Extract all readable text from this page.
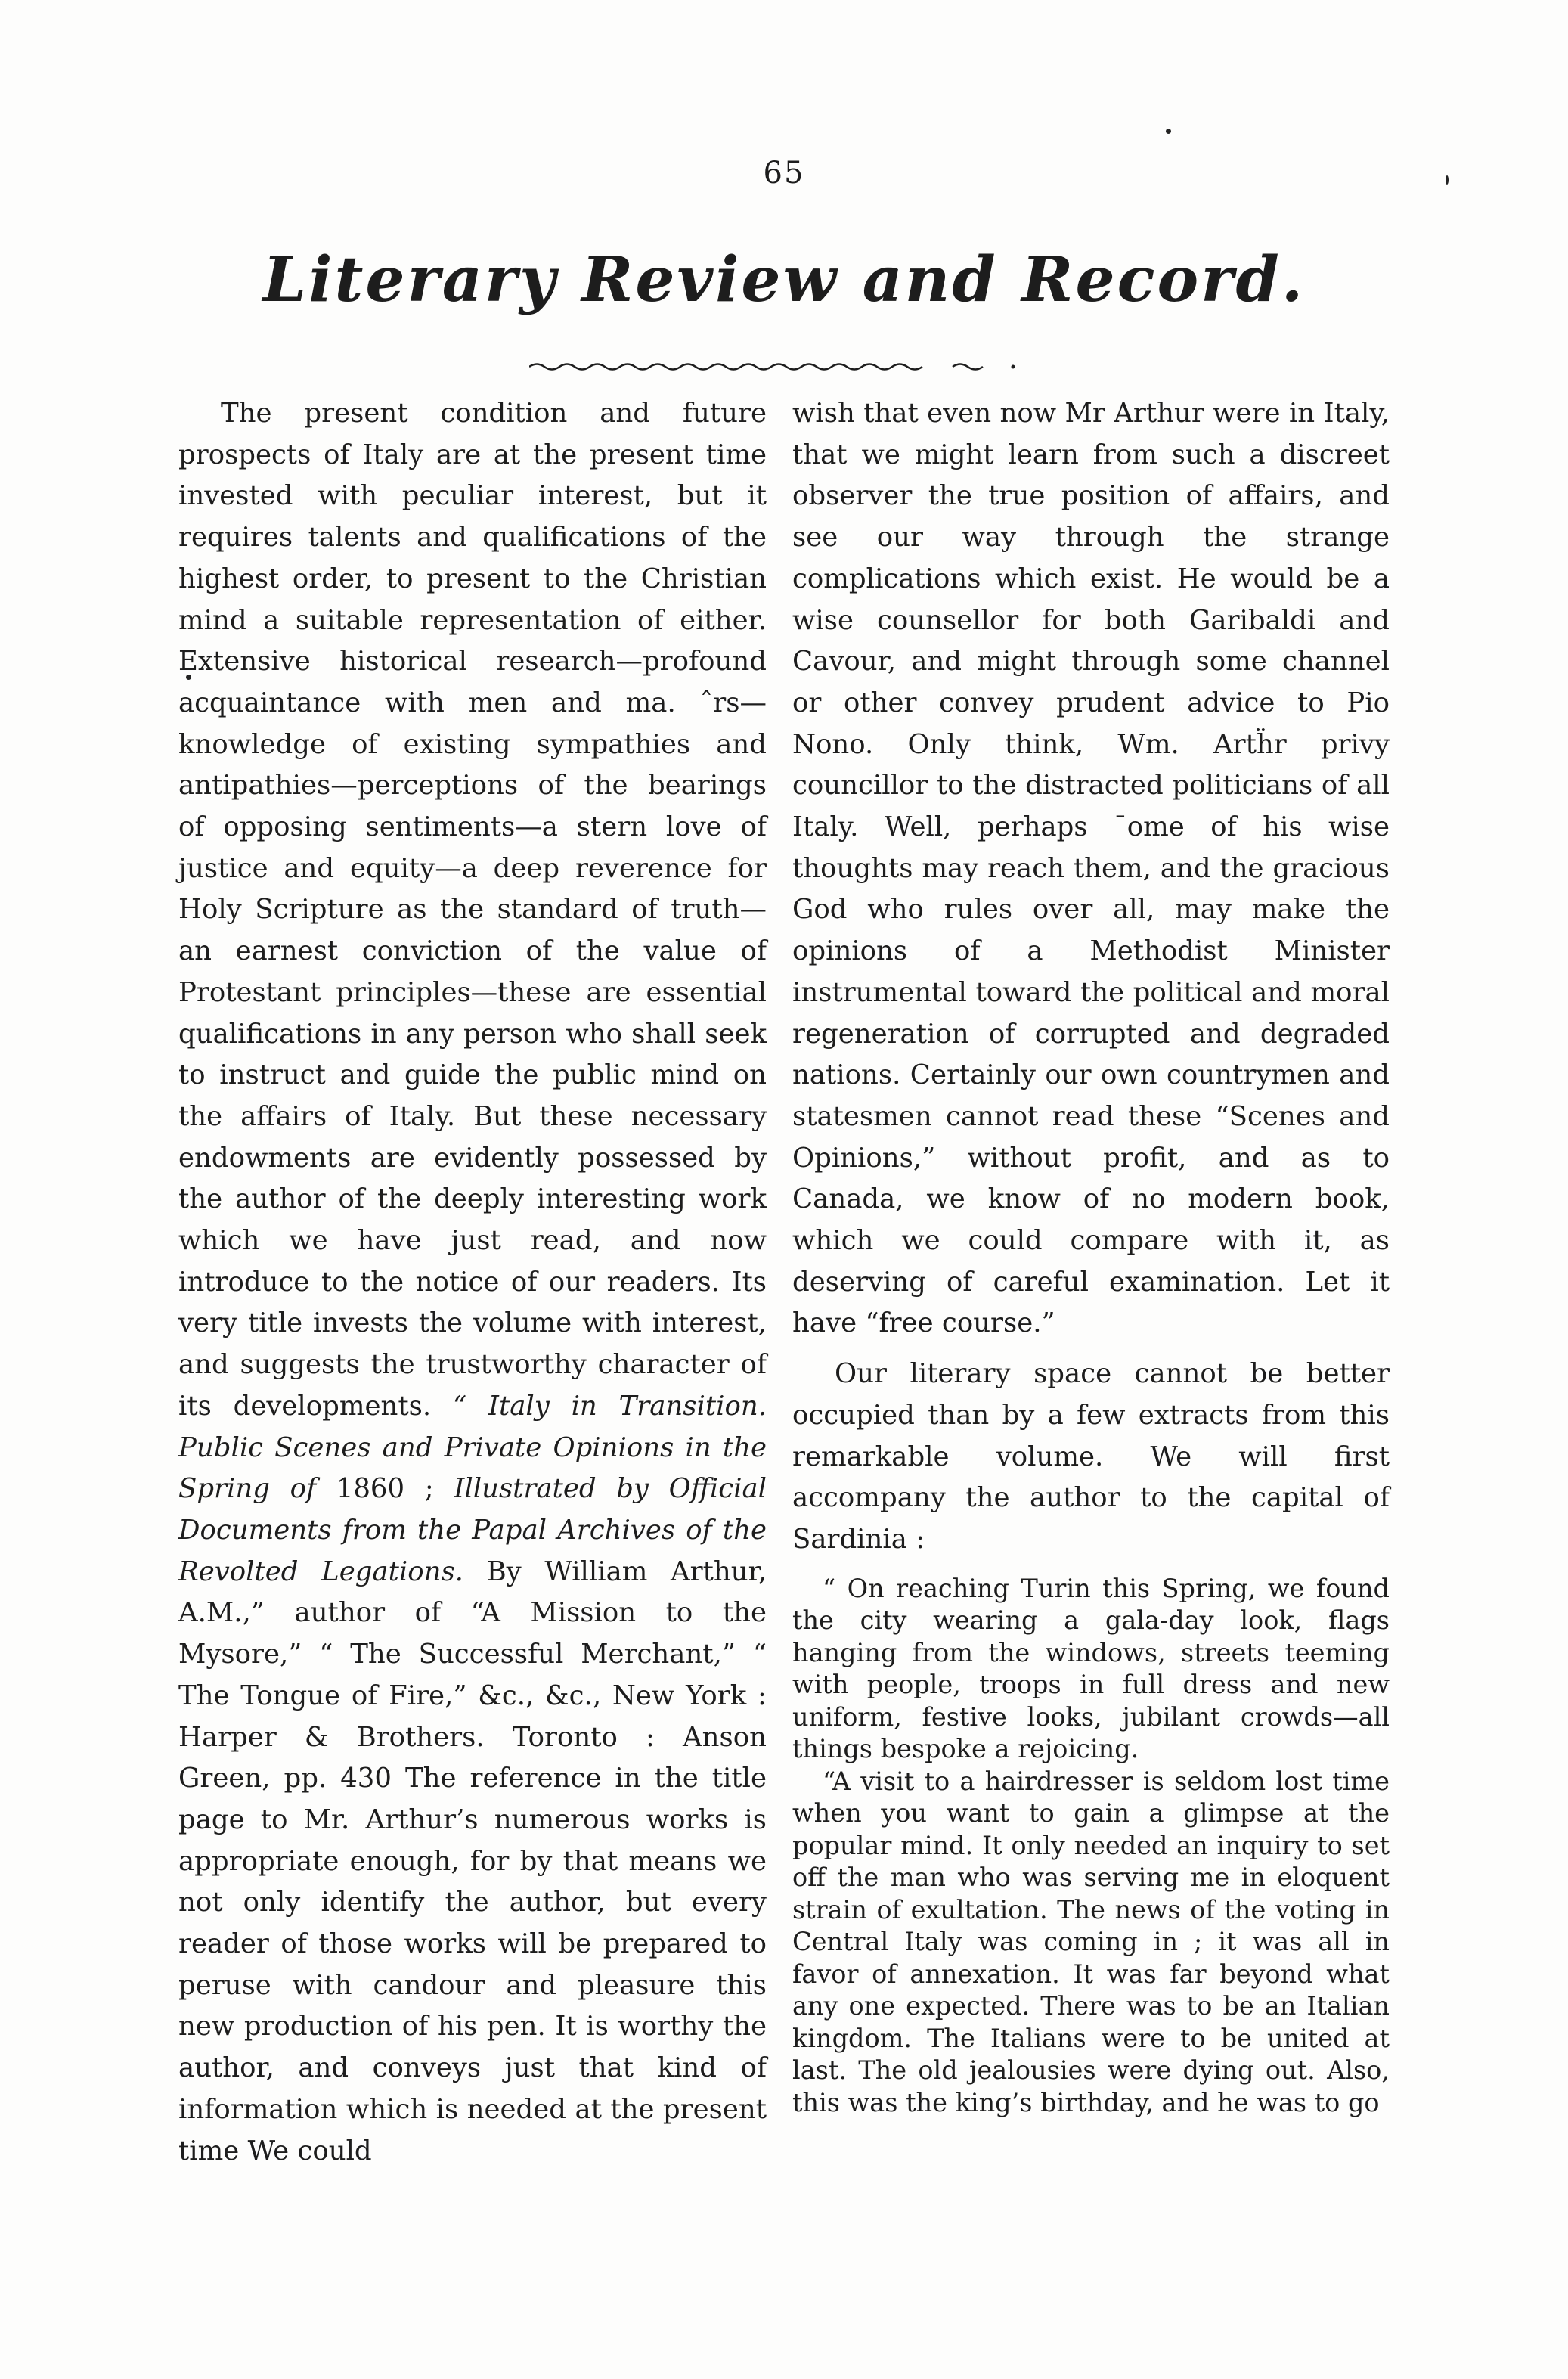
65
Literary Review and Record.

The present condition and future prospects of Italy are at the present time invested with peculiar interest, but it requires talents and qualifications of the highest order, to present to the Christian mind a suitable representation of either. Extensive historical research—profound acquaintance with men and ma. ˆrs—knowledge of existing sympathies and antipathies—perceptions of the bearings of opposing sentiments—a stern love of justice and equity—a deep reverence for Holy Scripture as the standard of truth—an earnest conviction of the value of Protestant principles—these are essential qualifications in any person who shall seek to instruct and guide the public mind on the affairs of Italy. But these necessary endowments are evidently possessed by the author of the deeply interesting work which we have just read, and now introduce to the notice of our readers. Its very title invests the volume with interest, and suggests the trustworthy character of its developments. “ Italy in Transition. Public Scenes and Private Opinions in the Spring of 1860 ; Illustrated by Official Documents from the Papal Archives of the Revolted Legations. By William Arthur, A.M.,” author of “A Mission to the Mysore,” “ The Successful Merchant,” “ The Tongue of Fire,” &c., &c., New York : Harper & Brothers. Toronto : Anson Green, pp. 430 The reference in the title page to Mr. Arthur’s numerous works is appropriate enough, for by that means we not only identify the author, but every reader of those works will be prepared to peruse with candour and pleasure this new production of his pen. It is worthy the author, and conveys just that kind of information which is needed at the present time We could

wish that even now Mr Arthur were in Italy, that we might learn from such a discreet observer the true position of affairs, and see our way through the strange complications which exist. He would be a wise counsellor for both Garibaldi and Cavour, and might through some channel or other convey prudent advice to Pio Nono. Only think, Wm. Artḧr privy councillor to the distracted politicians of all Italy. Well, perhaps ˉome of his wise thoughts may reach them, and the gracious God who rules over all, may make the opinions of a Methodist Minister instrumental toward the political and moral regeneration of corrupted and degraded nations. Certainly our own countrymen and statesmen cannot read these “Scenes and Opinions,” without profit, and as to Canada, we know of no modern book, which we could compare with it, as deserving of careful examination. Let it have “free course.”

Our literary space cannot be better occupied than by a few extracts from this remarkable volume. We will first accompany the author to the capital of Sardinia :

“ On reaching Turin this Spring, we found the city wearing a gala-day look, flags hanging from the windows, streets teeming with people, troops in full dress and new uniform, festive looks, jubilant crowds—all things bespoke a rejoicing.

“A visit to a hairdresser is seldom lost time when you want to gain a glimpse at the popular mind. It only needed an inquiry to set off the man who was serving me in eloquent strain of exultation. The news of the voting in Central Italy was coming in ; it was all in favor of annexation. It was far beyond what any one expected. There was to be an Italian kingdom. The Italians were to be united at last. The old jealousies were dying out. Also, this was the king’s birthday, and he was to go
